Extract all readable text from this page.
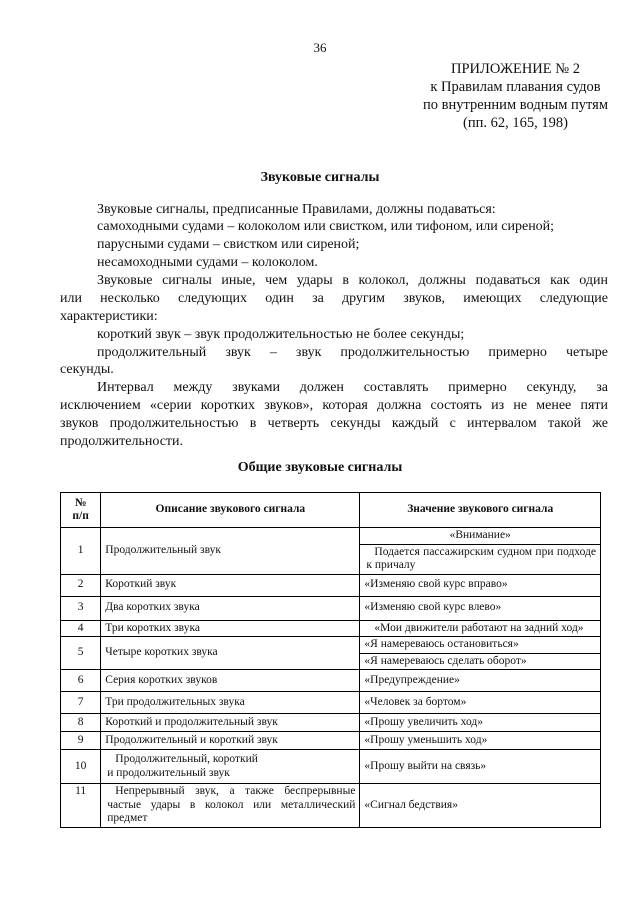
36
ПРИЛОЖЕНИЕ № 2
к Правилам плавания судов
по внутренним водным путям
(пп. 62, 165, 198)
Звуковые сигналы
Звуковые сигналы, предписанные Правилами, должны подаваться:
самоходными судами – колоколом или свистком, или тифоном, или сиреной;
парусными судами – свистком или сиреной;
несамоходными судами – колоколом.
Звуковые сигналы иные, чем удары в колокол, должны подаваться как один
или несколько следующих один за другим звуков, имеющих следующие
характеристики:
короткий звук – звук продолжительностью не более секунды;
продолжительный звук – звук продолжительностью примерно четыре
секунды.
Интервал между звуками должен составлять примерно секунду, за
исключением «серии коротких звуков», которая должна состоять из не менее пяти
звуков продолжительностью в четверть секунды каждый с интервалом такой же
продолжительности.
Общие звуковые сигналы
№
п/п	Описание звукового сигнала	Значение звукового сигнала
1	Продолжительный звук	«Внимание»
		Подается пассажирским судном при подходе к причалу
2	Короткий звук	«Изменяю свой курс вправо»
3	Два коротких звука	«Изменяю свой курс влево»
4	Три коротких звука	«Мои движители работают на задний ход»
5	Четыре коротких звука	«Я намереваюсь остановиться»
		«Я намереваюсь сделать оборот»
6	Серия коротких звуков	«Предупреждение»
7	Три продолжительных звука	«Человек за бортом»
8	Короткий и продолжительный звук	«Прошу увеличить ход»
9	Продолжительный и короткий звук	«Прошу уменьшить ход»
10	Продолжительный, короткий
и продолжительный звук	«Прошу выйти на связь»
11	Непрерывный звук, а также беспрерывные частые удары в колокол или металлический предмет	«Сигнал бедствия»
